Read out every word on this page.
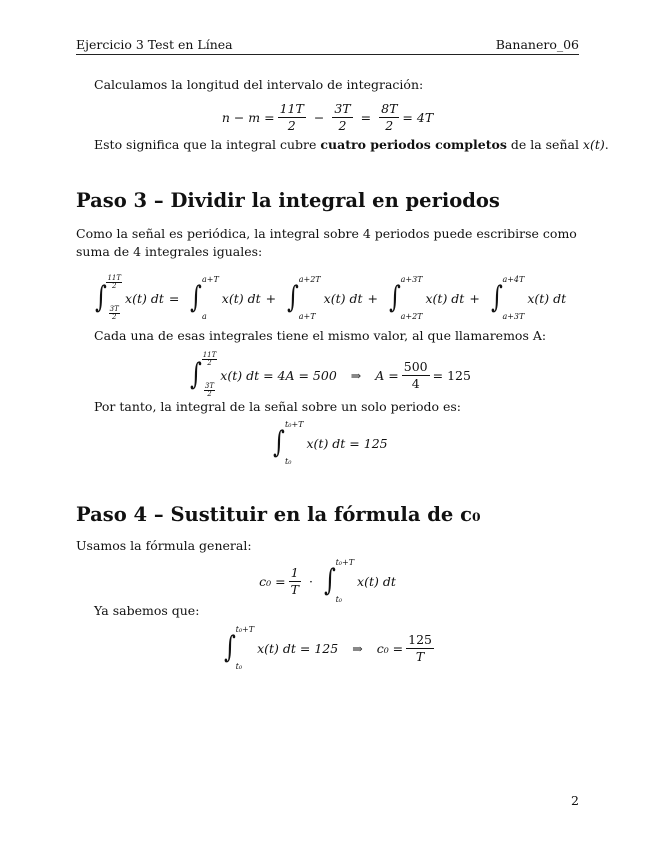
Ejercicio 3 Test en Línea	Bananero_06
Calculamos la longitud del intervalo de integración:
$n - m = \frac{11T}{2} - \frac{3T}{2} = \frac{8T}{2} = 4T$
Esto significa que la integral cubre cuatro periodos completos de la señal x(t).
Paso 3 – Dividir la integral en periodos
Como la señal es periódica, la integral sobre 4 periodos puede escribirse como suma de 4 integrales iguales:
∫
11T
2
3T
2
x(t) dt = ∫
a+T
a
x(t) dt + ∫
a+2T
a+T
x(t) dt + ∫
a+3T
a+2T
x(t) dt + ∫
a+4T
a+3T
x(t) dt
Cada una de esas integrales tiene el mismo valor, al que llamaremos A:
∫
11T
2
3T
2
x(t) dt = 4A = 500 ⇒ $A = \frac{500}{4} = 125$
Por tanto, la integral de la señal sobre un solo periodo es:
∫
t₀+T
t₀
x(t) dt = 125
Paso 4 – Sustituir en la fórmula de c₀
Usamos la fórmula general:
$c_0 = \frac{1}{T}$ · ∫
t₀+T
t₀
x(t) dt
Ya sabemos que:
∫
t₀+T
t₀
x(t) dt = 125 ⇒ $c_0 = \frac{125}{T}$
2
